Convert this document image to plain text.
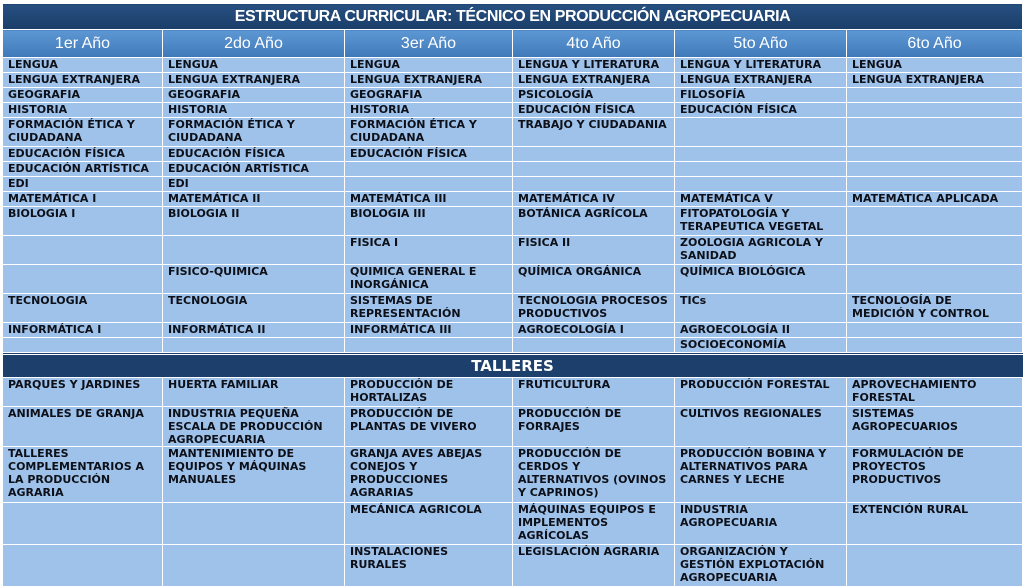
ESTRUCTURA CURRICULAR: TÉCNICO EN PRODUCCIÓN AGROPECUARIA					
1er Año	2do Año	3er Año	4to Año	5to Año	6to Año
LENGUA	LENGUA	LENGUA	LENGUA Y LITERATURA	LENGUA Y LITERATURA	LENGUA
LENGUA EXTRANJERA	LENGUA EXTRANJERA	LENGUA EXTRANJERA	LENGUA EXTRANJERA	LENGUA EXTRANJERA	LENGUA EXTRANJERA
GEOGRAFIA	GEOGRAFIA	GEOGRAFIA	PSICOLOGÍA	FILOSOFÍA	
HISTORIA	HISTORIA	HISTORIA	EDUCACIÓN FÍSICA	EDUCACIÓN FÍSICA	
FORMACIÓN ÉTICA Y CIUDADANA	FORMACIÓN ÉTICA Y CIUDADANA	FORMACIÓN ÉTICA Y CIUDADANA	TRABAJO Y CIUDADANIA		
EDUCACIÓN FÍSICA	EDUCACIÓN FÍSICA	EDUCACIÓN FÍSICA			
EDUCACIÓN ARTÍSTICA	EDUCACIÓN ARTÍSTICA				
EDI	EDI				
MATEMÁTICA I	MATEMÁTICA II	MATEMÁTICA III	MATEMÁTICA IV	MATEMÁTICA V	MATEMÁTICA APLICADA
BIOLOGIA I	BIOLOGIA II	BIOLOGIA III	BOTÁNICA AGRÍCOLA	FITOPATOLOGÍA Y TERAPEUTICA VEGETAL	
		FISICA I	FISICA II	ZOOLOGIA AGRICOLA Y SANIDAD	
	FISICO-QUIMICA	QUIMICA GENERAL E INORGÁNICA	QUÍMICA ORGÁNICA	QUÍMICA BIOLÓGICA	
TECNOLOGIA	TECNOLOGIA	SISTEMAS DE REPRESENTACIÓN	TECNOLOGIA PROCESOS PRODUCTIVOS	TICs	TECNOLOGÍA DE MEDICIÓN Y CONTROL
INFORMÁTICA I	INFORMÁTICA II	INFORMÁTICA III	AGROECOLOGÍA I	AGROECOLOGÍA II	
				SOCIOECONOMÍA	

TALLERES					
PARQUES Y JARDINES	HUERTA FAMILIAR	PRODUCCIÓN DE HORTALIZAS	FRUTICULTURA	PRODUCCIÓN FORESTAL	APROVECHAMIENTO FORESTAL
ANIMALES DE GRANJA	INDUSTRIA PEQUEÑA ESCALA DE PRODUCCIÓN AGROPECUARIA	PRODUCCIÓN DE PLANTAS DE VIVERO	PRODUCCIÓN DE FORRAJES	CULTIVOS REGIONALES	SISTEMAS AGROPECUARIOS
TALLERES COMPLEMENTARIOS A LA PRODUCCIÓN AGRARIA	MANTENIMIENTO DE EQUIPOS Y MÁQUINAS MANUALES	GRANJA AVES ABEJAS CONEJOS Y PRODUCCIONES AGRARIAS	PRODUCCIÓN DE CERDOS Y ALTERNATIVOS (OVINOS Y CAPRINOS)	PRODUCCIÓN BOBINA Y ALTERNATIVOS PARA CARNES Y LECHE	FORMULACIÓN DE PROYECTOS PRODUCTIVOS
		MECÁNICA AGRICOLA	MÁQUINAS EQUIPOS E IMPLEMENTOS AGRÍCOLAS	INDUSTRIA AGROPECUARIA	EXTENCIÓN RURAL
		INSTALACIONES RURALES	LEGISLACIÓN AGRARIA	ORGANIZACIÓN Y GESTIÓN EXPLOTACIÓN AGROPECUARIA	
